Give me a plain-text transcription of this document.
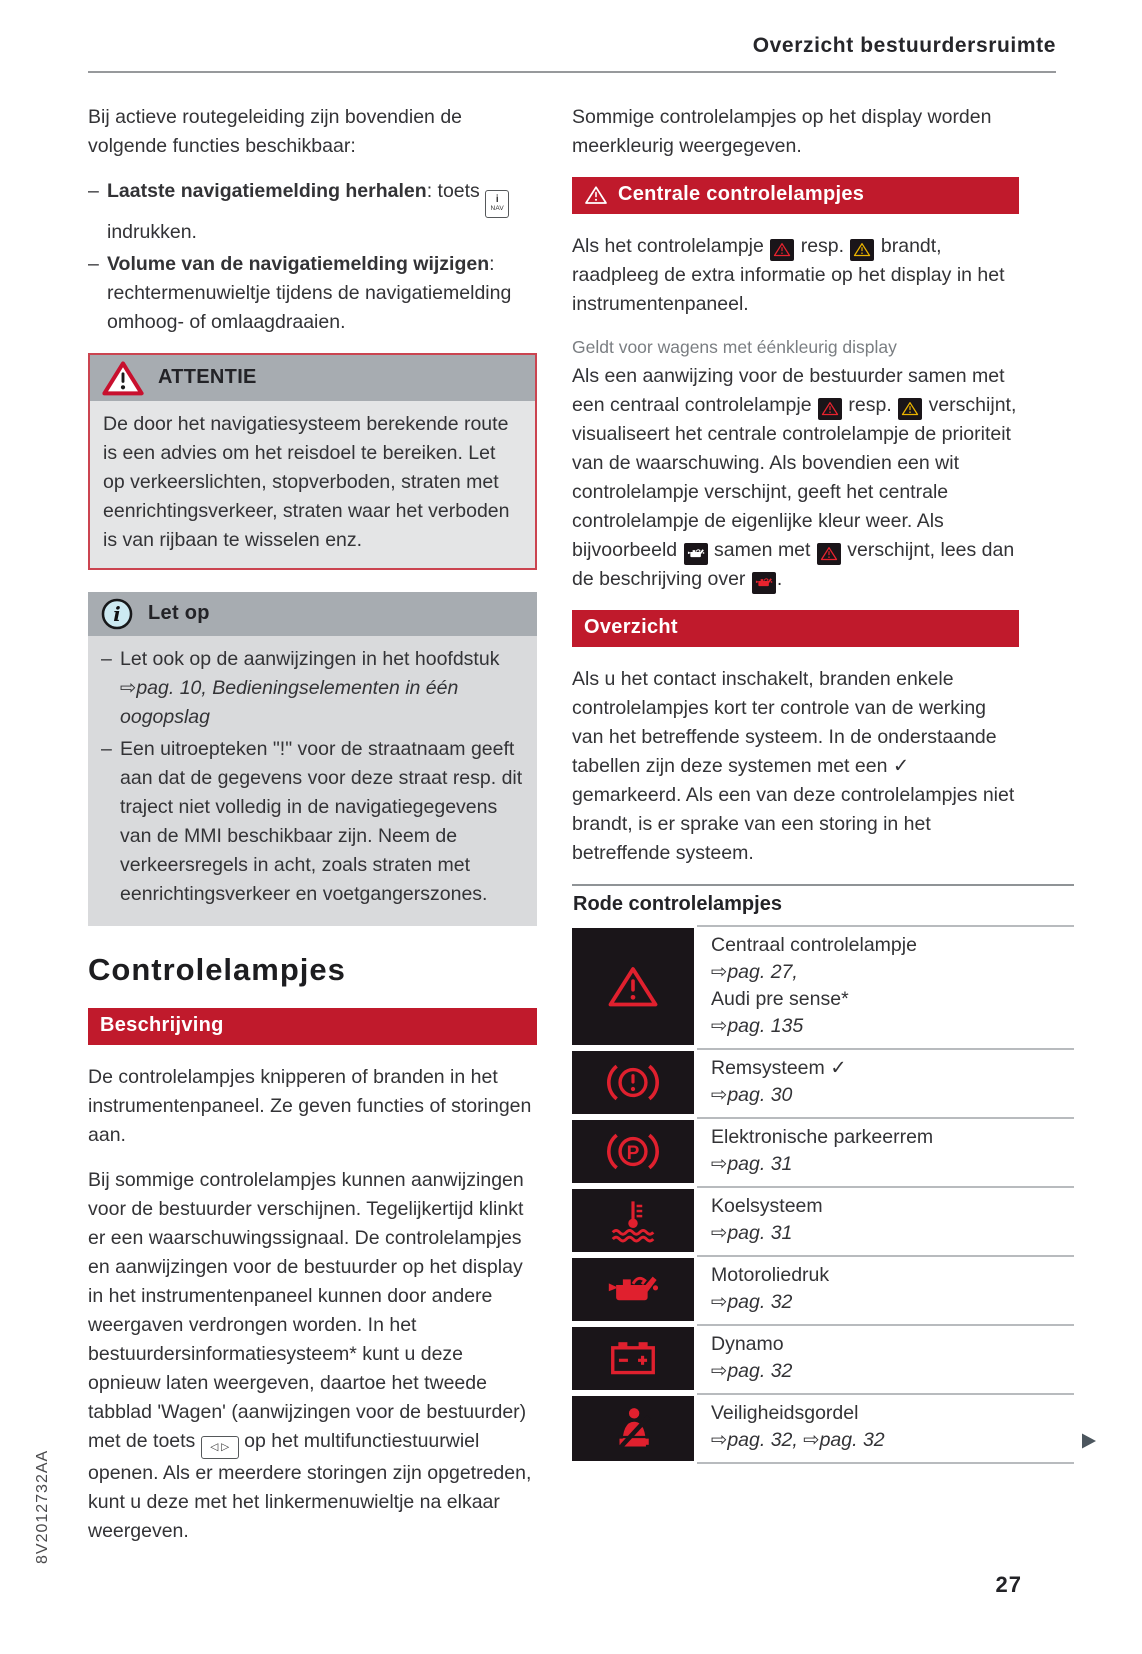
Overzicht bestuurdersruimte

Bij actieve routegeleiding zijn bovendien de volgende functies beschikbaar:

– Laatste navigatiemelding herhalen: toets i
NAV
indrukken.
– Volume van de navigatiemelding wijzigen: rechtermenuwieltje tijdens de navigatiemelding omhoog- of omlaagdraaien.
ATTENTIE
De door het navigatiesysteem berekende route is een advies om het reisdoel te bereiken. Let op verkeerslichten, stopverboden, straten met eenrichtingsverkeer, straten waar het verboden is van rijbaan te wisselen enz.
i Let op
– Let ook op de aanwijzingen in het hoofdstuk ⇨pag. 10, Bedieningselementen in één oogopslag
– Een uitroepteken "!" voor de straatnaam geeft aan dat de gegevens voor deze straat resp. dit traject niet volledig in de navigatiegegevens van de MMI beschikbaar zijn. Neem de verkeersregels in acht, zoals straten met eenrichtingsverkeer en voetgangerszones.
Controlelampjes
Beschrijving

De controlelampjes knipperen of branden in het instrumentenpaneel. Ze geven functies of storingen aan.

Bij sommige controlelampjes kunnen aanwijzingen voor de bestuurder verschijnen. Tegelijkertijd klinkt er een waarschuwingssignaal. De controlelampjes en aanwijzingen voor de bestuurder op het display in het instrumentenpaneel kunnen door andere weergaven verdrongen worden. In het bestuurdersinformatiesysteem* kunt u deze opnieuw laten weergeven, daartoe het tweede tabblad 'Wagen' (aanwijzingen voor de bestuurder) met de toets ◁ ▷ op het multifunctiestuurwiel openen. Als er meerdere storingen zijn opgetreden, kunt u deze met het linkermenuwieltje na elkaar weergeven.

Sommige controlelampjes op het display worden meerkleurig weergegeven.

Centrale controlelampjes

Als het controlelampje
resp.
brandt, raadpleeg de extra informatie op het display in het instrumentenpaneel.

Geldt voor wagens met éénkleurig display

Als een aanwijzing voor de bestuurder samen met een centraal controlelampje
resp.
verschijnt, visualiseert het centrale controlelampje de prioriteit van de waarschuwing. Als bovendien een wit controlelampje verschijnt, geeft het centrale controlelampje de eigenlijke kleur weer. Als bijvoorbeeld
samen met
verschijnt, lees dan de beschrijving over
.

Overzicht

Als u het contact inschakelt, branden enkele controlelampjes kort ter controle van de werking van het betreffende systeem. In de onderstaande tabellen zijn deze systemen met een ✓ gemarkeerd. Als een van deze controlelampjes niet brandt, is er sprake van een storing in het betreffende systeem.

Rode controlelampjes
Centraal controlelampje
⇨pag. 27,
Audi pre sense*
⇨pag. 135
Remsysteem ✓
⇨pag. 30
Elektronische parkeerrem
⇨pag. 31
Koelsysteem
⇨pag. 31
Motoroliedruk
⇨pag. 32
Dynamo
⇨pag. 32
Veiligheidsgordel
⇨pag. 32, ⇨pag. 32
8V2012732AA
27
